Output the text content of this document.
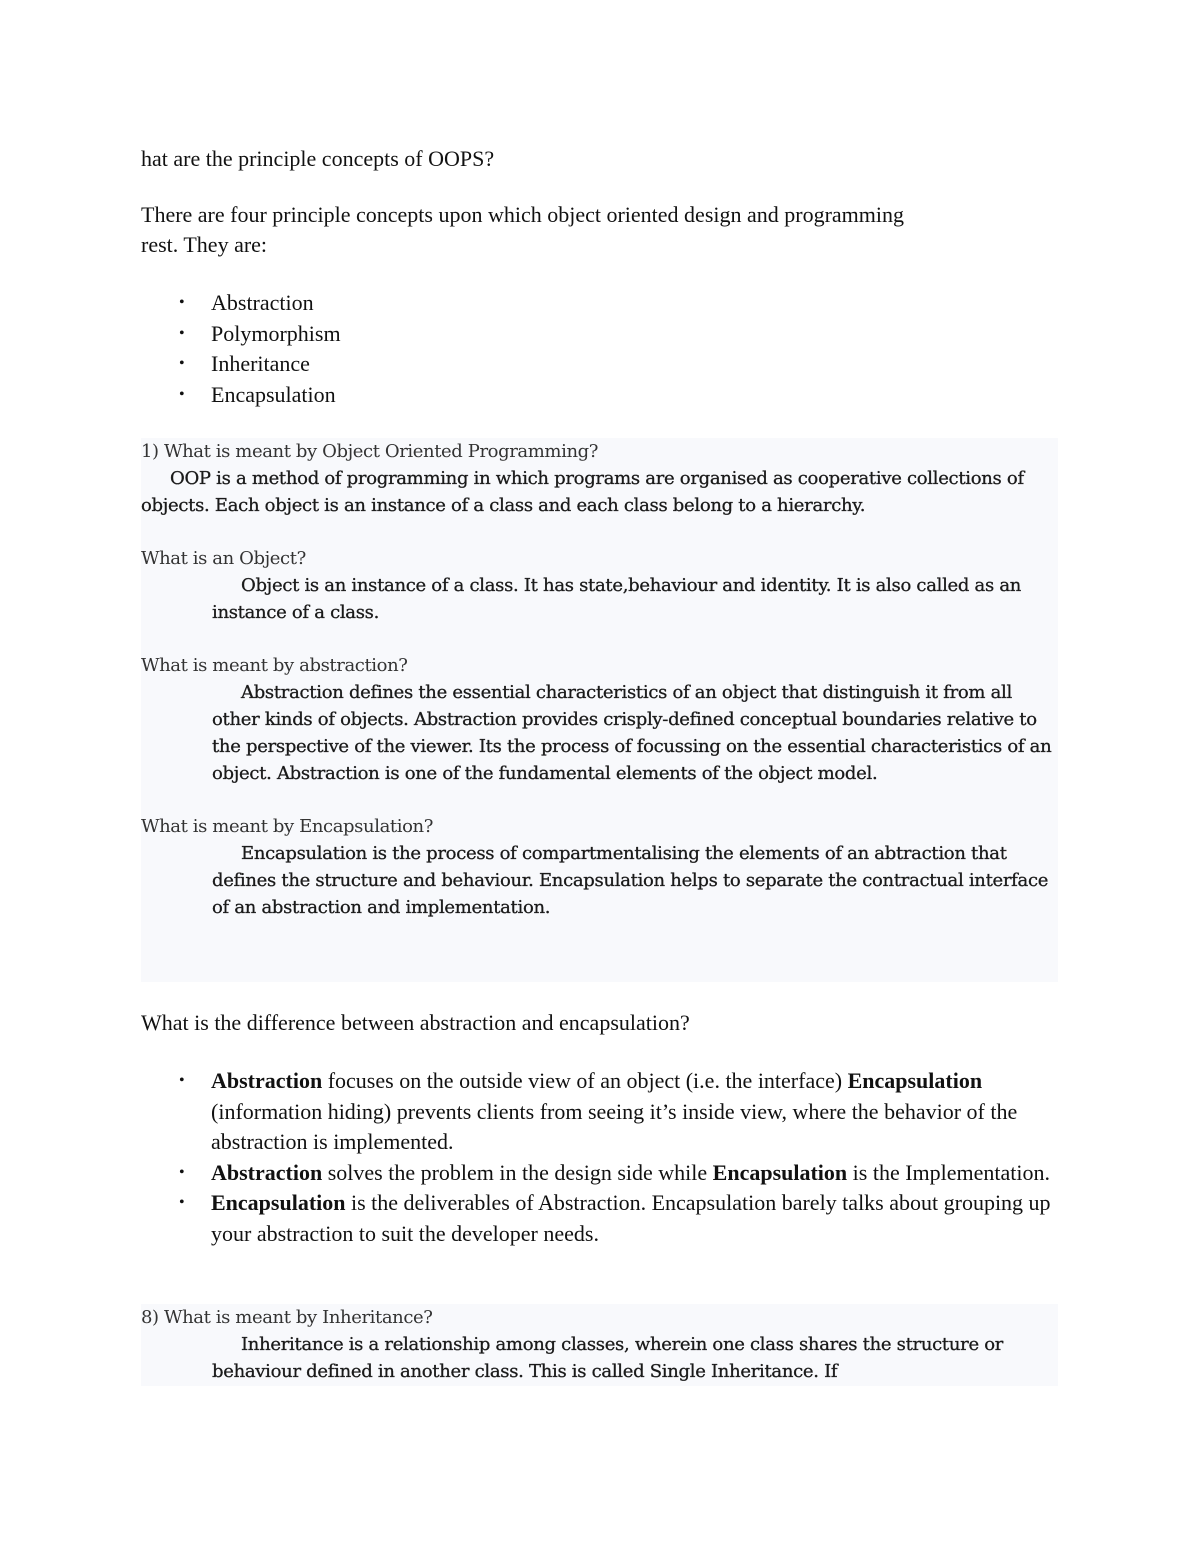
hat are the principle concepts of OOPS?
There are four principle concepts upon which object oriented design and programming rest. They are:
• Abstraction
• Polymorphism
• Inheritance
• Encapsulation
1) What is meant by Object Oriented Programming?
OOP is a method of programming in which programs are organised as cooperative collections of objects. Each object is an instance of a class and each class belong to a hierarchy.
What is an Object?
Object is an instance of a class. It has state,behaviour and identity. It is also called as an instance of a class.
What is meant by abstraction?
Abstraction defines the essential characteristics of an object that distinguish it from all other kinds of objects. Abstraction provides crisply-defined conceptual boundaries relative to the perspective of the viewer. Its the process of focussing on the essential characteristics of an object. Abstraction is one of the fundamental elements of the object model.
What is meant by Encapsulation?
Encapsulation is the process of compartmentalising the elements of an abtraction that defines the structure and behaviour. Encapsulation helps to separate the contractual interface of an abstraction and implementation.
What is the difference between abstraction and encapsulation?
• Abstraction focuses on the outside view of an object (i.e. the interface) Encapsulation (information hiding) prevents clients from seeing it’s inside view, where the behavior of the abstraction is implemented.
• Abstraction solves the problem in the design side while Encapsulation is the Implementation.
• Encapsulation is the deliverables of Abstraction. Encapsulation barely talks about grouping up your abstraction to suit the developer needs.
8) What is meant by Inheritance?
Inheritance is a relationship among classes, wherein one class shares the structure or behaviour defined in another class. This is called Single Inheritance. If
